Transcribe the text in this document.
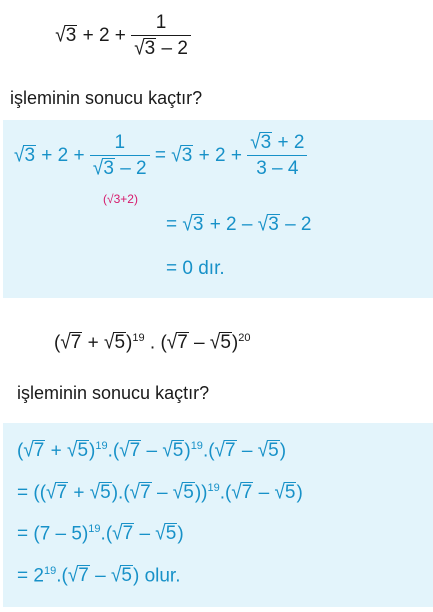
$√3 + 2 + \frac{1}{√3 - 2}$
işleminin sonucu kaçtır?
$√3 + 2 + \frac{1}{√3 - 2} = √3 + 2 + \frac{√3 + 2}{3 - 4}$
(√3+2)
= √3 + 2 – √3 – 2
= 0 dır.
$(√7 + √5)^{19}$ . (√7 – √5)$^{20}$
işleminin sonucu kaçtır?
$(√7 + √5)^{19}.(√7 - √5)^{19}.(√7 - √5)$
= $((√7 + √5).(√7 - √5))^{19}.(√7 - √5)$
= (7 – 5)$^{19}$.(√7 – √5)
= $2^{19}.(√7 - √5)$ olur.
